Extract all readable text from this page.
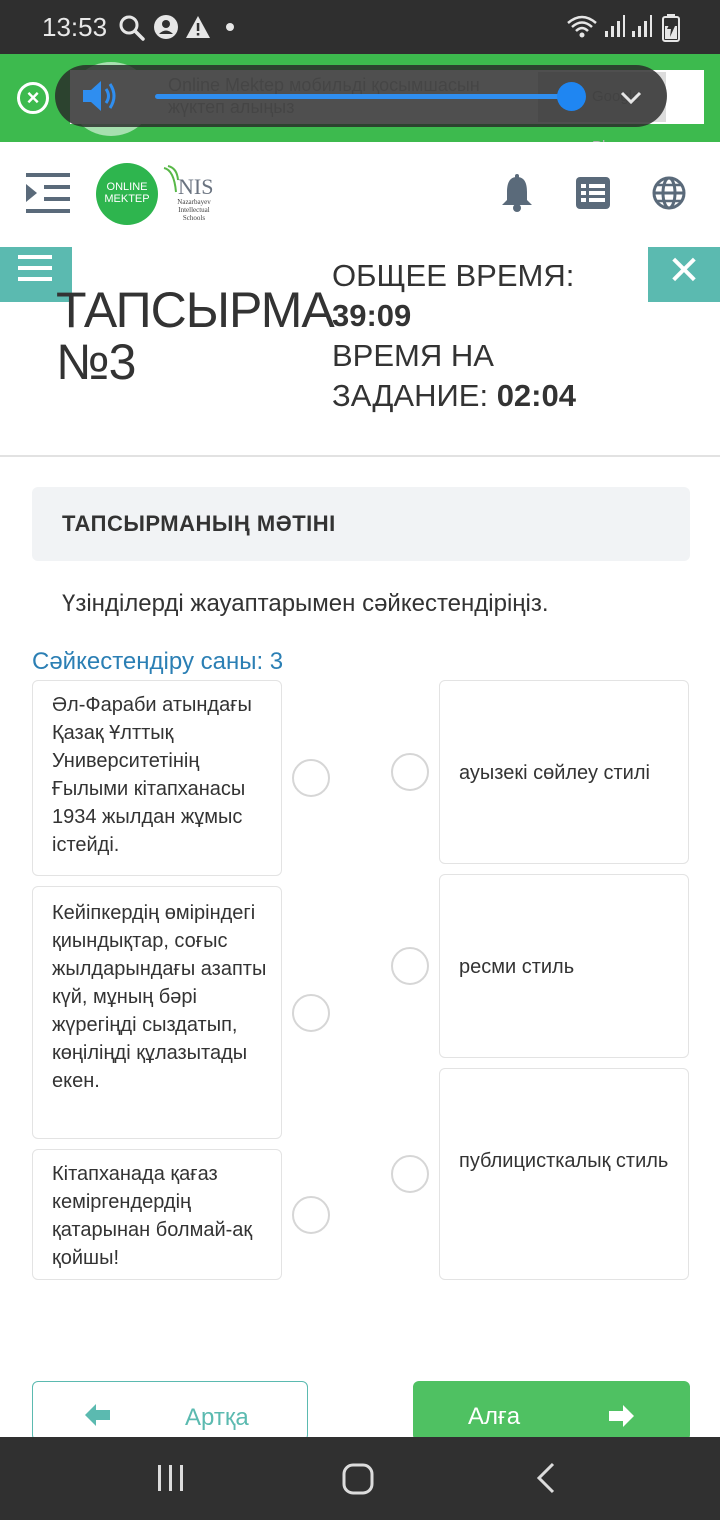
13:53
×
ONLINE
MEKTEP	NIS
Nazarbayev
Intellectual
Schools
✕
ТАПСЫРМА
№3
ОБЩЕЕ ВРЕМЯ:
39:09
ВРЕМЯ НА
ЗАДАНИЕ: 02:04
ТАПСЫРМАНЫҢ МӘТІНІ
Үзінділерді жауаптарымен сәйкестендіріңіз.
Сәйкестендіру саны: 3
Әл-Фараби атындағы Қазақ Ұлттық Университетінің Ғылыми кітапханасы 1934 жылдан жұмыс істейді.
Кейіпкердің өміріндегі қиындықтар, соғыс жылдарындағы азапты күй, мұның бәрі жүрегіңді сыздатып, көңіліңді құлазытады екен.
Кітапханада қағаз кеміргендердің қатарынан болмай-ақ қойшы!
ауызекі сөйлеу стилі
ресми стиль
публицисткалық стиль
Артқа	Алға
